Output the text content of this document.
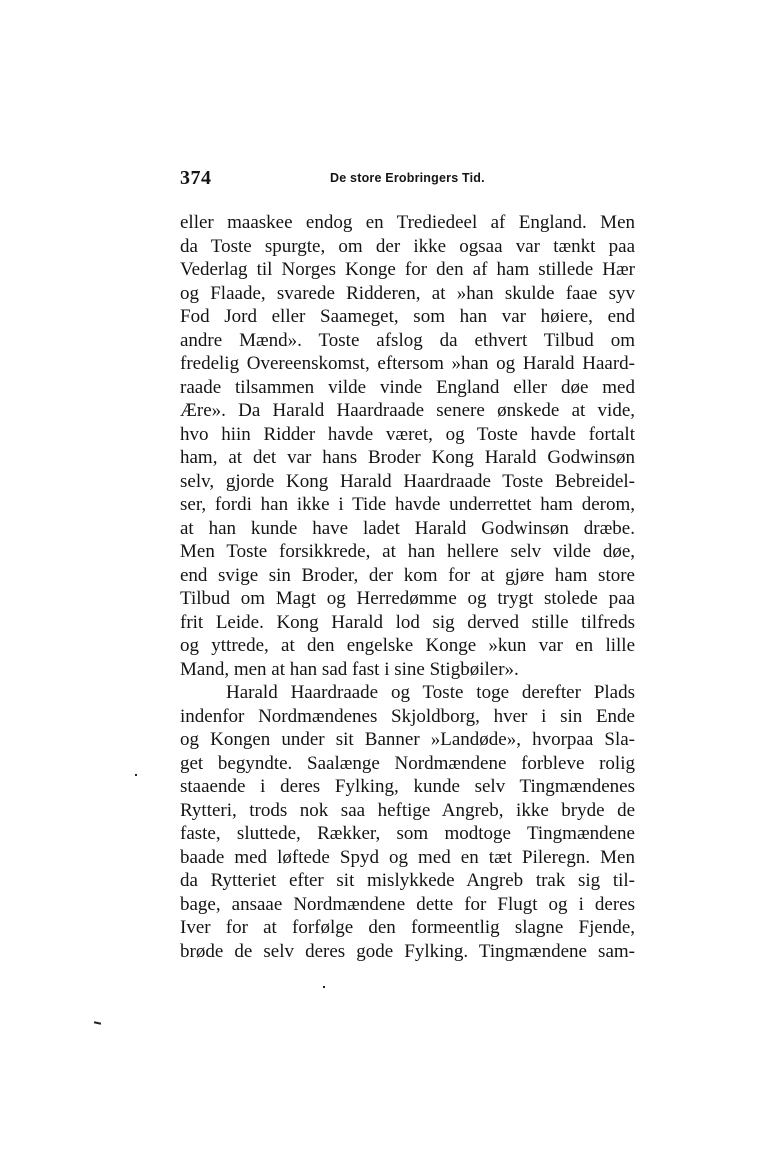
374	De store Erobringers Tid.
eller maaskee endog en Trediedeel af England. Men
da Toste spurgte, om der ikke ogsaa var tænkt paa
Vederlag til Norges Konge for den af ham stillede Hær
og Flaade, svarede Ridderen, at »han skulde faae syv
Fod Jord eller Saameget, som han var høiere, end
andre Mænd». Toste afslog da ethvert Tilbud om
fredelig Overeenskomst, eftersom »han og Harald Haard-
raade tilsammen vilde vinde England eller døe med
Ære». Da Harald Haardraade senere ønskede at vide,
hvo hiin Ridder havde været, og Toste havde fortalt
ham, at det var hans Broder Kong Harald Godwinsøn
selv, gjorde Kong Harald Haardraade Toste Bebreidel-
ser, fordi han ikke i Tide havde underrettet ham derom,
at han kunde have ladet Harald Godwinsøn dræbe.
Men Toste forsikkrede, at han hellere selv vilde døe,
end svige sin Broder, der kom for at gjøre ham store
Tilbud om Magt og Herredømme og trygt stolede paa
frit Leide. Kong Harald lod sig derved stille tilfreds
og yttrede, at den engelske Konge »kun var en lille
Mand, men at han sad fast i sine Stigbøiler».
Harald Haardraade og Toste toge derefter Plads
indenfor Nordmændenes Skjoldborg, hver i sin Ende
og Kongen under sit Banner »Landøde», hvorpaa Sla-
get begyndte. Saalænge Nordmændene forbleve rolig
staaende i deres Fylking, kunde selv Tingmændenes
Rytteri, trods nok saa heftige Angreb, ikke bryde de
faste, sluttede, Rækker, som modtoge Tingmændene
baade med løftede Spyd og med en tæt Pileregn. Men
da Rytteriet efter sit mislykkede Angreb trak sig til-
bage, ansaae Nordmændene dette for Flugt og i deres
Iver for at forfølge den formeentlig slagne Fjende,
brøde de selv deres gode Fylking. Tingmændene sam-
